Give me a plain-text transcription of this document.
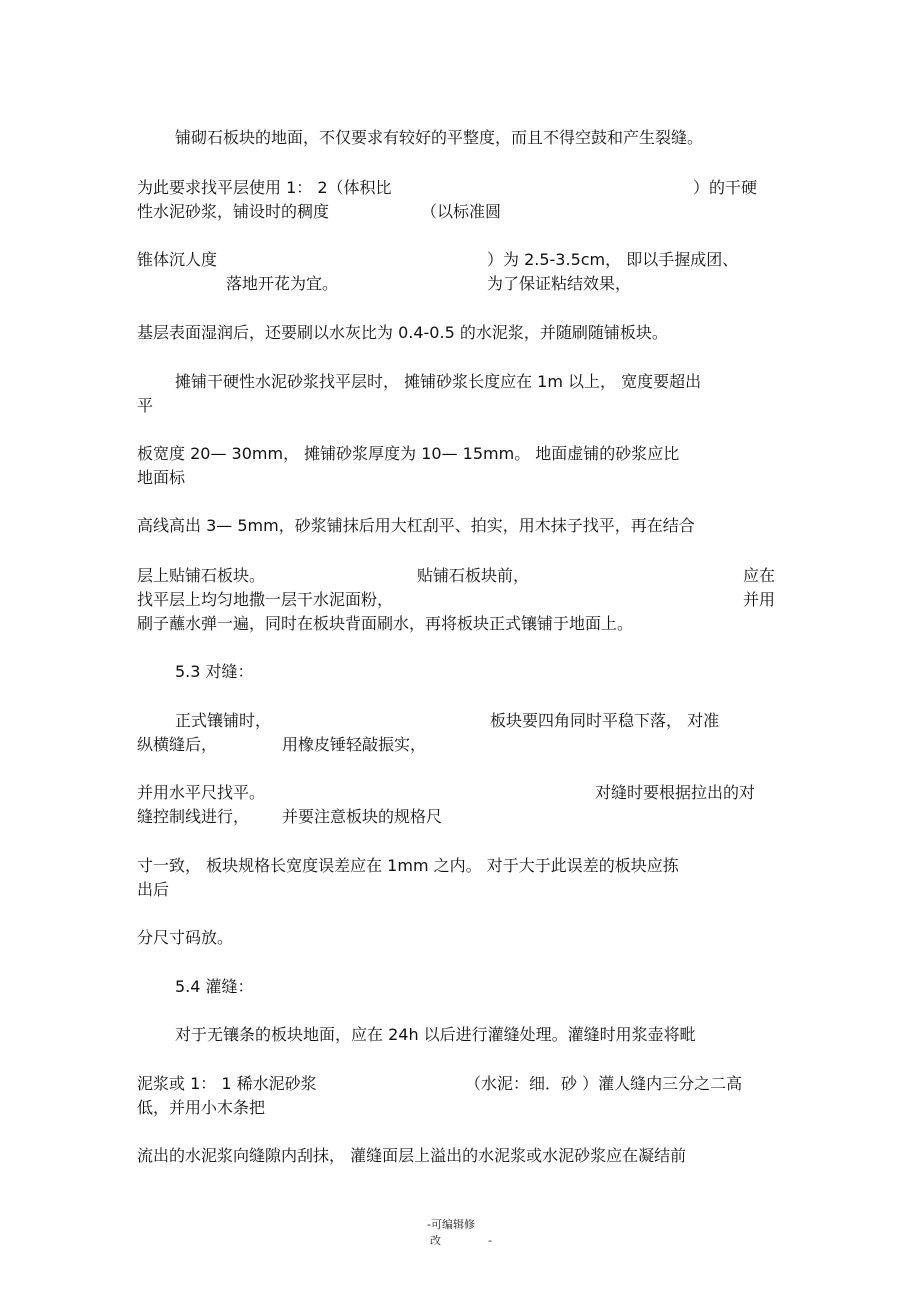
铺砌石板块的地面，不仅要求有较好的平整度，而且不得空鼓和产生裂缝。
为此要求找平层使用 1： 2（体积比	）的干硬
性水泥砂浆，铺设时的稠度	（以标准圆
锥体沉人度	）为 2.5-3.5cm， 即以手握成团、
落地开花为宜。	为了保证粘结效果，
基层表面湿润后，还要刷以水灰比为 0.4-0.5 的水泥浆，并随刷随铺板块。
摊铺干硬性水泥砂浆找平层时， 摊铺砂浆长度应在 1m 以上， 宽度要超出
平
板宽度 20— 30mm， 摊铺砂浆厚度为 10— 15mm。 地面虚铺的砂浆应比
地面标
高线高出 3— 5mm，砂浆铺抹后用大杠刮平、拍实，用木抹子找平，再在结合
层上贴铺石板块。	贴铺石板块前，	应在
找平层上均匀地撒一层干水泥面粉，	并用
刷子蘸水弹一遍，同时在板块背面刷水，再将板块正式镶铺于地面上。
5.3 对缝：
正式镶铺时，	板块要四角同时平稳下落， 对准
纵横缝后，	用橡皮锤轻敲振实，
并用水平尺找平。	对缝时要根据拉出的对
缝控制线进行， 并要注意板块的规格尺
寸一致， 板块规格长宽度误差应在 1mm 之内。 对于大于此误差的板块应拣
出后
分尺寸码放。
5.4 灌缝：
对于无镶条的板块地面，应在 24h 以后进行灌缝处理。灌缝时用浆壶将毗
泥浆或 1： 1 稀水泥砂浆	（水泥：细．砂 ）灌人缝内三分之二高
低，并用小木条把
流出的水泥浆向缝隙内刮抹， 灌缝面层上溢出的水泥浆或水泥砂浆应在凝结前
-可编辑修
改	-
